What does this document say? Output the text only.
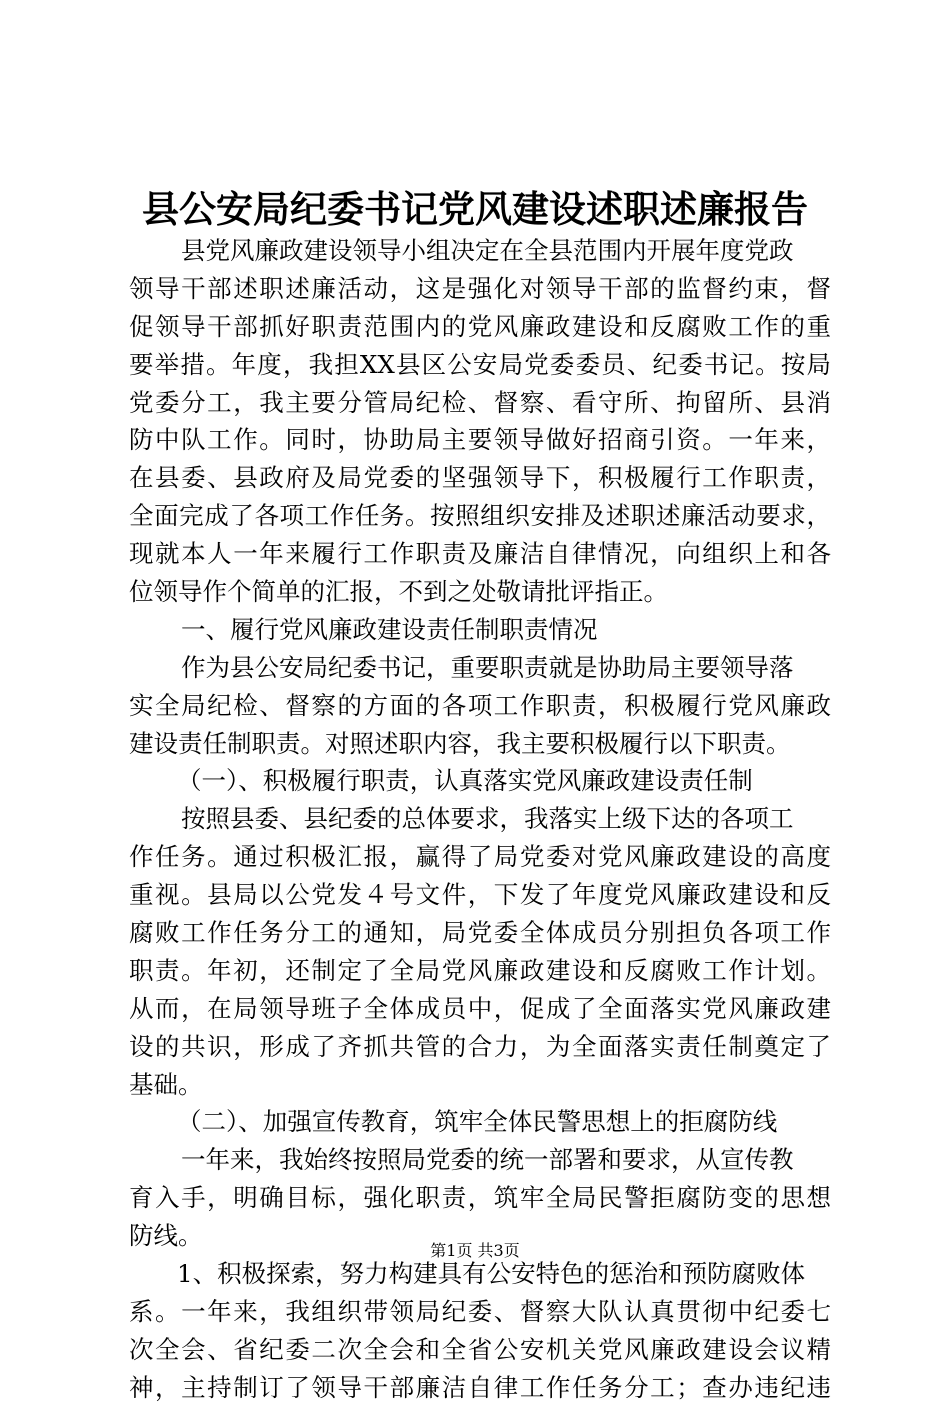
县公安局纪委书记党风建设述职述廉报告
县党风廉政建设领导小组决定在全县范围内开展年度党政
领导干部述职述廉活动，这是强化对领导干部的监督约束，督
促领导干部抓好职责范围内的党风廉政建设和反腐败工作的重
要举措。年度，我担XX县区公安局党委委员、纪委书记。按局
党委分工，我主要分管局纪检、督察、看守所、拘留所、县消
防中队工作。同时，协助局主要领导做好招商引资。一年来，
在县委、县政府及局党委的坚强领导下，积极履行工作职责，
全面完成了各项工作任务。按照组织安排及述职述廉活动要求，
现就本人一年来履行工作职责及廉洁自律情况，向组织上和各
位领导作个简单的汇报，不到之处敬请批评指正。
一、履行党风廉政建设责任制职责情况
作为县公安局纪委书记，重要职责就是协助局主要领导落
实全局纪检、督察的方面的各项工作职责，积极履行党风廉政
建设责任制职责。对照述职内容，我主要积极履行以下职责。
（一）、积极履行职责，认真落实党风廉政建设责任制
按照县委、县纪委的总体要求，我落实上级下达的各项工
作任务。通过积极汇报，赢得了局党委对党风廉政建设的高度
重视。县局以公党发４号文件，下发了年度党风廉政建设和反
腐败工作任务分工的通知，局党委全体成员分别担负各项工作
职责。年初，还制定了全局党风廉政建设和反腐败工作计划。
从而，在局领导班子全体成员中，促成了全面落实党风廉政建
设的共识，形成了齐抓共管的合力，为全面落实责任制奠定了
基础。
（二）、加强宣传教育，筑牢全体民警思想上的拒腐防线
一年来，我始终按照局党委的统一部署和要求，从宣传教
育入手，明确目标，强化职责，筑牢全局民警拒腐防变的思想
防线。
1、积极探索，努力构建具有公安特色的惩治和预防腐败体
系。一年来，我组织带领局纪委、督察大队认真贯彻中纪委七
次全会、省纪委二次全会和全省公安机关党风廉政建设会议精
神，主持制订了领导干部廉洁自律工作任务分工；查办违纪违
第1页 共3页
